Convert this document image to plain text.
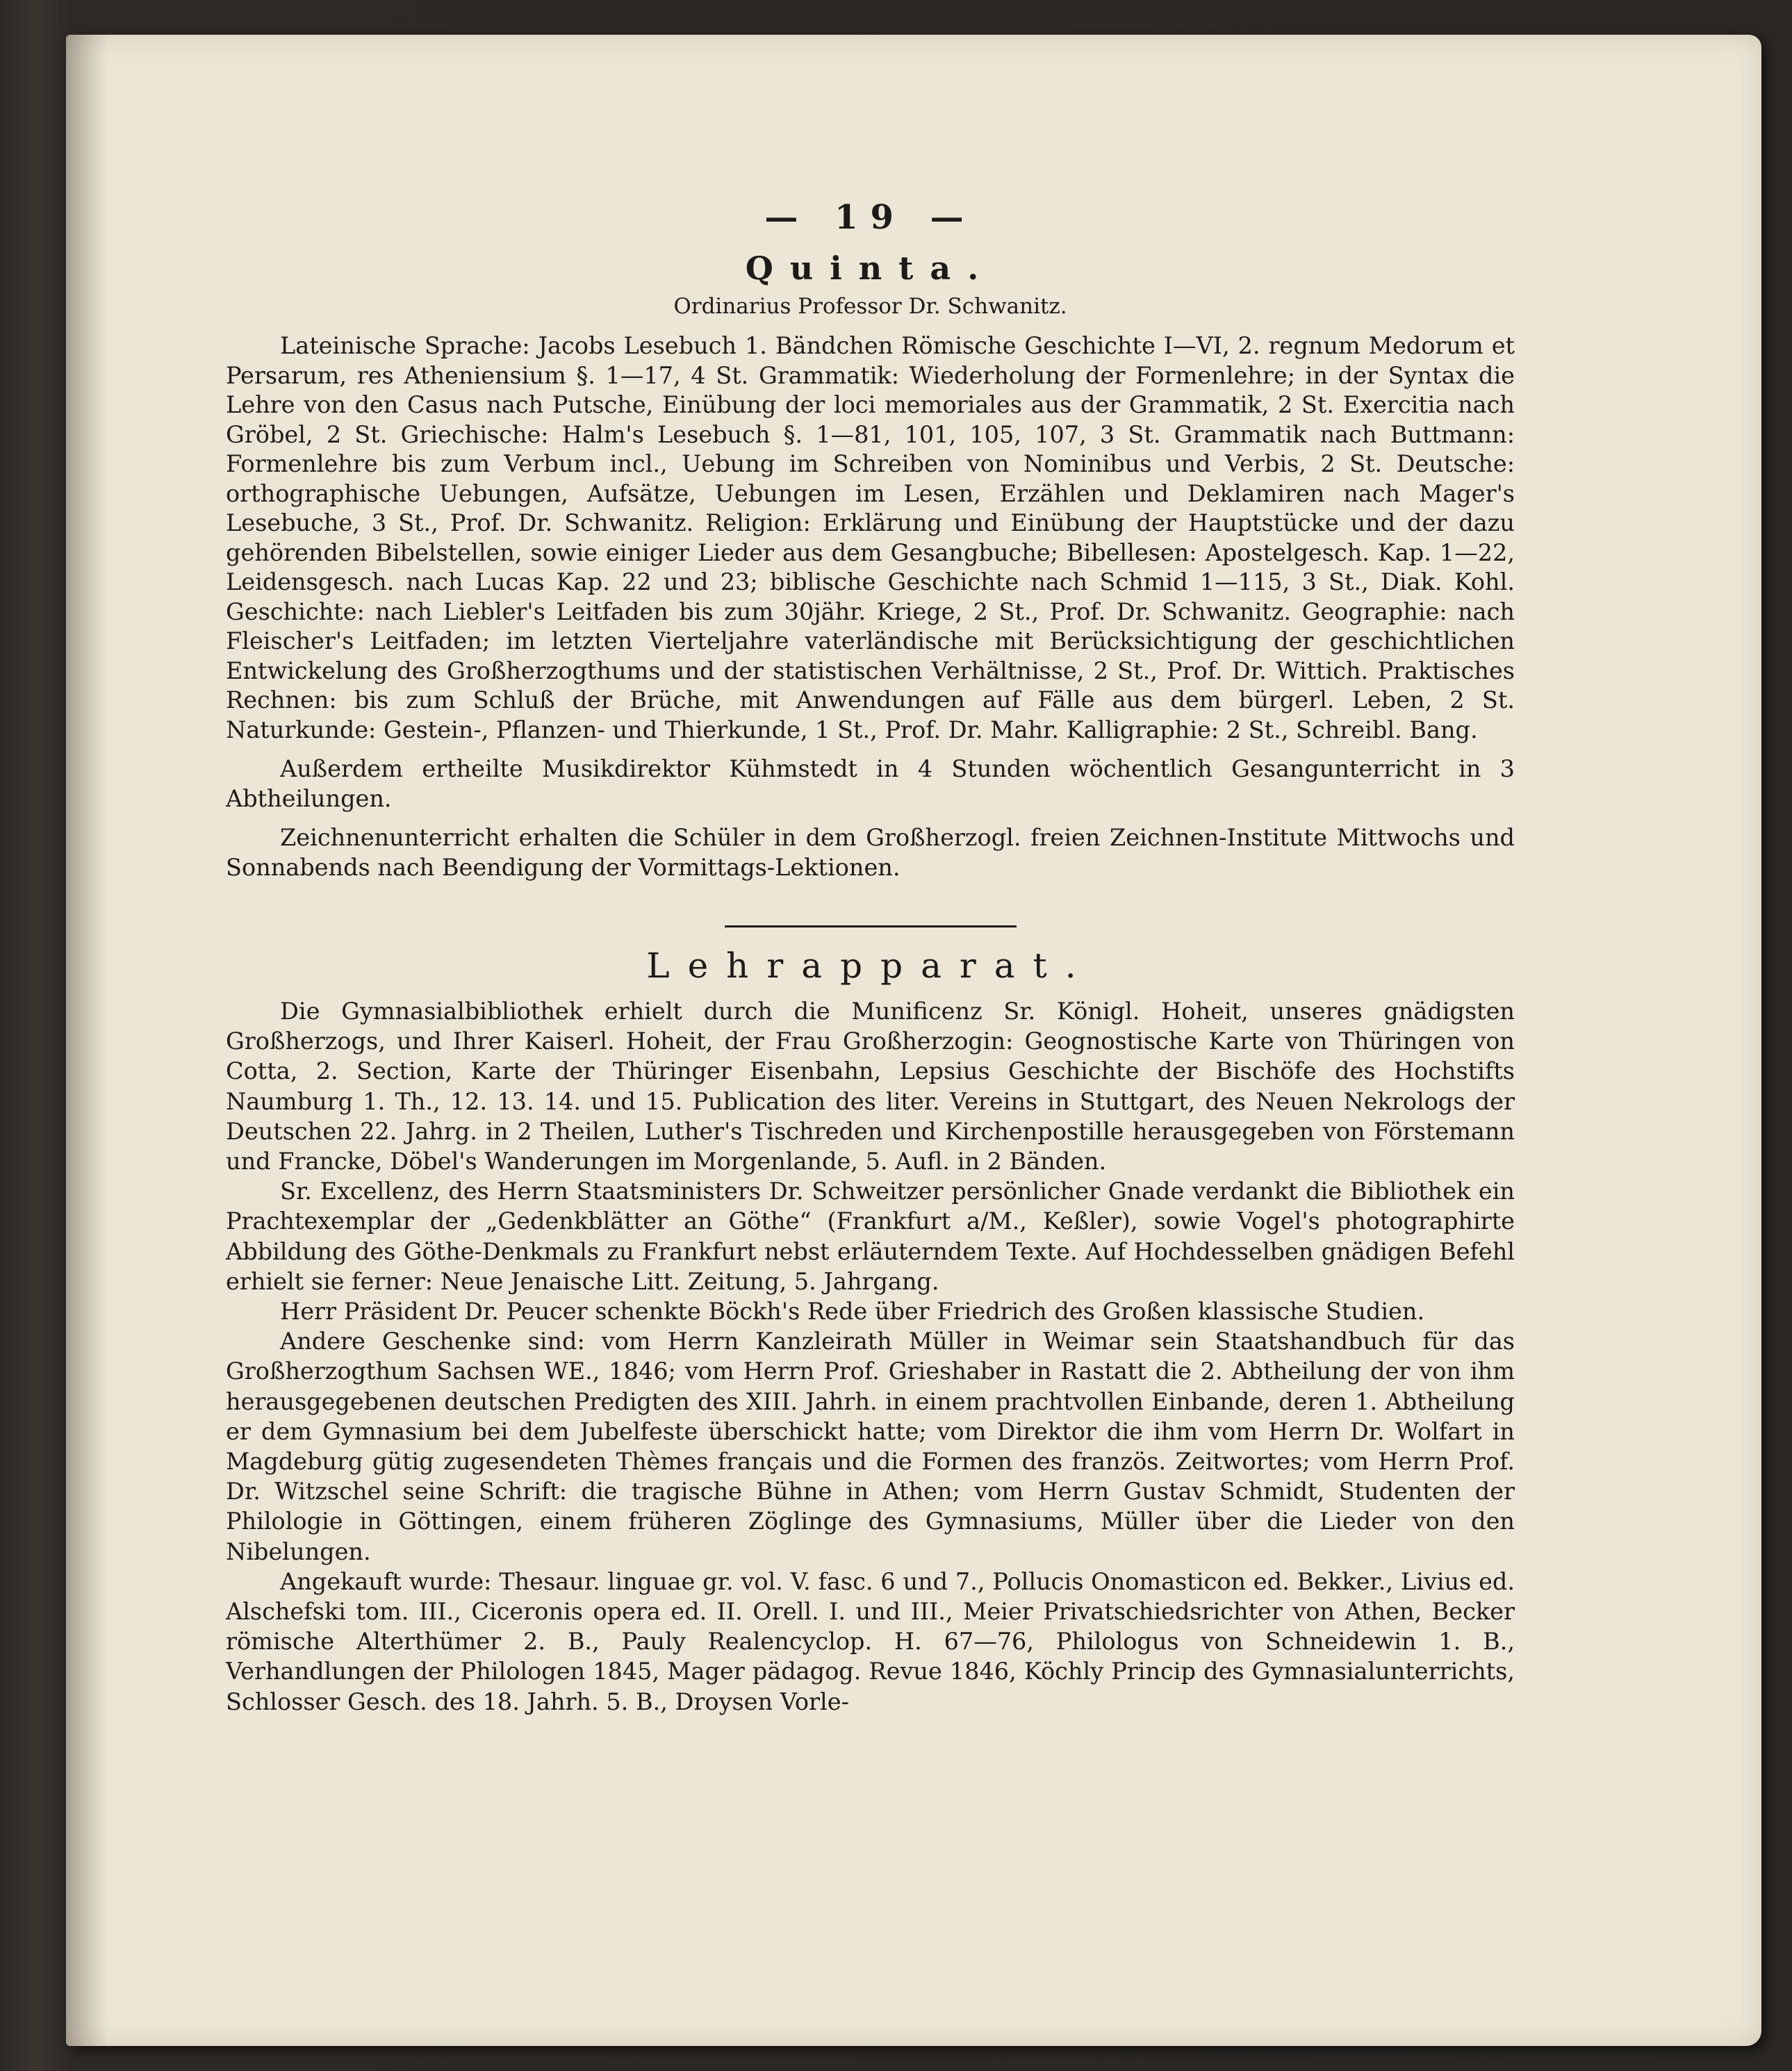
— 19 —
Quinta.
Ordinarius Professor Dr. Schwanitz.

Lateinische Sprache: Jacobs Lesebuch 1. Bändchen Römische Geschichte I—VI, 2. regnum Medorum et Persarum, res Atheniensium §. 1—17, 4 St. Grammatik: Wiederholung der Formenlehre; in der Syntax die Lehre von den Casus nach Putsche, Einübung der loci memoriales aus der Grammatik, 2 St. Exercitia nach Gröbel, 2 St. Griechische: Halm's Lesebuch §. 1—81, 101, 105, 107, 3 St. Grammatik nach Buttmann: Formenlehre bis zum Verbum incl., Uebung im Schreiben von Nominibus und Verbis, 2 St. Deutsche: orthographische Uebungen, Aufsätze, Uebungen im Lesen, Erzählen und Deklamiren nach Mager's Lesebuche, 3 St., Prof. Dr. Schwanitz. Religion: Erklärung und Einübung der Hauptstücke und der dazu gehörenden Bibelstellen, sowie einiger Lieder aus dem Gesangbuche; Bibellesen: Apostelgesch. Kap. 1—22, Leidensgesch. nach Lucas Kap. 22 und 23; biblische Geschichte nach Schmid 1—115, 3 St., Diak. Kohl. Geschichte: nach Liebler's Leitfaden bis zum 30jähr. Kriege, 2 St., Prof. Dr. Schwanitz. Geographie: nach Fleischer's Leitfaden; im letzten Vierteljahre vaterländische mit Berücksichtigung der geschichtlichen Entwickelung des Großherzogthums und der statistischen Verhältnisse, 2 St., Prof. Dr. Wittich. Praktisches Rechnen: bis zum Schluß der Brüche, mit Anwendungen auf Fälle aus dem bürgerl. Leben, 2 St. Naturkunde: Gestein-, Pflanzen- und Thierkunde, 1 St., Prof. Dr. Mahr. Kalligraphie: 2 St., Schreibl. Bang.

Außerdem ertheilte Musikdirektor Kühmstedt in 4 Stunden wöchentlich Gesangunterricht in 3 Abtheilungen.

Zeichnenunterricht erhalten die Schüler in dem Großherzogl. freien Zeichnen-Institute Mittwochs und Sonnabends nach Beendigung der Vormittags-Lektionen.

Lehrapparat.

Die Gymnasialbibliothek erhielt durch die Munificenz Sr. Königl. Hoheit, unseres gnädigsten Großherzogs, und Ihrer Kaiserl. Hoheit, der Frau Großherzogin: Geognostische Karte von Thüringen von Cotta, 2. Section, Karte der Thüringer Eisenbahn, Lepsius Geschichte der Bischöfe des Hochstifts Naumburg 1. Th., 12. 13. 14. und 15. Publication des liter. Vereins in Stuttgart, des Neuen Nekrologs der Deutschen 22. Jahrg. in 2 Theilen, Luther's Tischreden und Kirchenpostille herausgegeben von Förstemann und Francke, Döbel's Wanderungen im Morgenlande, 5. Aufl. in 2 Bänden.

Sr. Excellenz, des Herrn Staatsministers Dr. Schweitzer persönlicher Gnade verdankt die Bibliothek ein Prachtexemplar der „Gedenkblätter an Göthe“ (Frankfurt a/M., Keßler), sowie Vogel's photographirte Abbildung des Göthe-Denkmals zu Frankfurt nebst erläuterndem Texte. Auf Hochdesselben gnädigen Befehl erhielt sie ferner: Neue Jenaische Litt. Zeitung, 5. Jahrgang.

Herr Präsident Dr. Peucer schenkte Böckh's Rede über Friedrich des Großen klassische Studien.

Andere Geschenke sind: vom Herrn Kanzleirath Müller in Weimar sein Staatshandbuch für das Großherzogthum Sachsen WE., 1846; vom Herrn Prof. Grieshaber in Rastatt die 2. Abtheilung der von ihm herausgegebenen deutschen Predigten des XIII. Jahrh. in einem prachtvollen Einbande, deren 1. Abtheilung er dem Gymnasium bei dem Jubelfeste überschickt hatte; vom Direktor die ihm vom Herrn Dr. Wolfart in Magdeburg gütig zugesendeten Thèmes français und die Formen des französ. Zeitwortes; vom Herrn Prof. Dr. Witzschel seine Schrift: die tragische Bühne in Athen; vom Herrn Gustav Schmidt, Studenten der Philologie in Göttingen, einem früheren Zöglinge des Gymnasiums, Müller über die Lieder von den Nibelungen.

Angekauft wurde: Thesaur. linguae gr. vol. V. fasc. 6 und 7., Pollucis Onomasticon ed. Bekker., Livius ed. Alschefski tom. III., Ciceronis opera ed. II. Orell. I. und III., Meier Privatschiedsrichter von Athen, Becker römische Alterthümer 2. B., Pauly Realencyclop. H. 67—76, Philologus von Schneidewin 1. B., Verhandlungen der Philologen 1845, Mager pädagog. Revue 1846, Köchly Princip des Gymnasialunterrichts, Schlosser Gesch. des 18. Jahrh. 5. B., Droysen Vorle-
